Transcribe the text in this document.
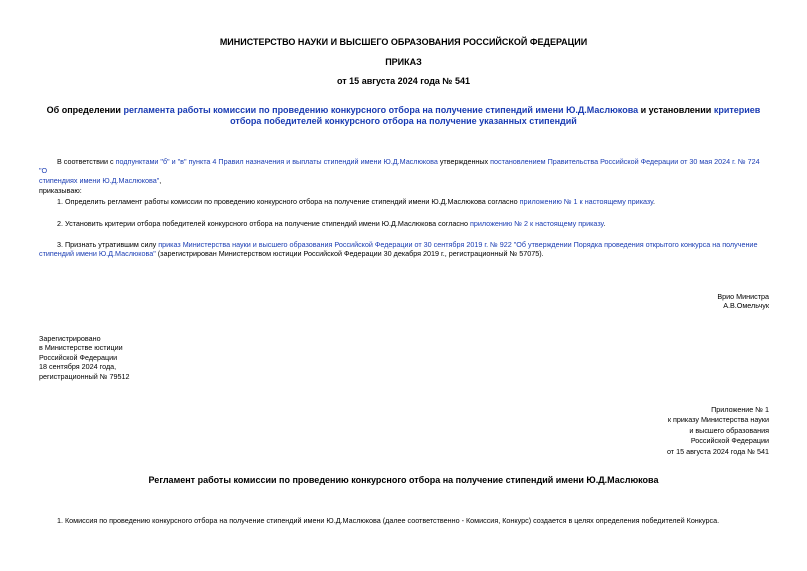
МИНИСТЕРСТВО НАУКИ И ВЫСШЕГО ОБРАЗОВАНИЯ РОССИЙСКОЙ ФЕДЕРАЦИИ
ПРИКАЗ
от 15 августа 2024 года № 541
Об определении регламента работы комиссии по проведению конкурсного отбора на получение стипендий имени Ю.Д.Маслюкова и установлении критериев
отбора победителей конкурсного отбора на получение указанных стипендий
В соответствии с подпунктами "б" и "в" пункта 4 Правил назначения и выплаты стипендий имени Ю.Д.Маслюкова утвержденных постановлением Правительства Российской Федерации от 30 мая 2024 г. № 724 "О
стипендиях имени Ю.Д.Маслюкова",
приказываю:
1. Определить регламент работы комиссии по проведению конкурсного отбора на получение стипендий имени Ю.Д.Маслюкова согласно приложению № 1 к настоящему приказу.
2. Установить критерии отбора победителей конкурсного отбора на получение стипендий имени Ю.Д.Маслюкова согласно приложению № 2 к настоящему приказу.
3. Признать утратившим силу приказ Министерства науки и высшего образования Российской Федерации от 30 сентября 2019 г. № 922 "Об утверждении Порядка проведения открытого конкурса на получение
стипендий имени Ю.Д.Маслюкова" (зарегистрирован Министерством юстиции Российской Федерации 30 декабря 2019 г., регистрационный № 57075).
Врио Министра
А.В.Омельчук
Зарегистрировано
в Министерстве юстиции
Российской Федерации
18 сентября 2024 года,
регистрационный № 79512
Приложение № 1
к приказу Министерства науки
и высшего образования
Российской Федерации
от 15 августа 2024 года № 541
Регламент работы комиссии по проведению конкурсного отбора на получение стипендий имени Ю.Д.Маслюкова
1. Комиссия по проведению конкурсного отбора на получение стипендий имени Ю.Д.Маслюкова (далее соответственно - Комиссия, Конкурс) создается в целях определения победителей Конкурса.
